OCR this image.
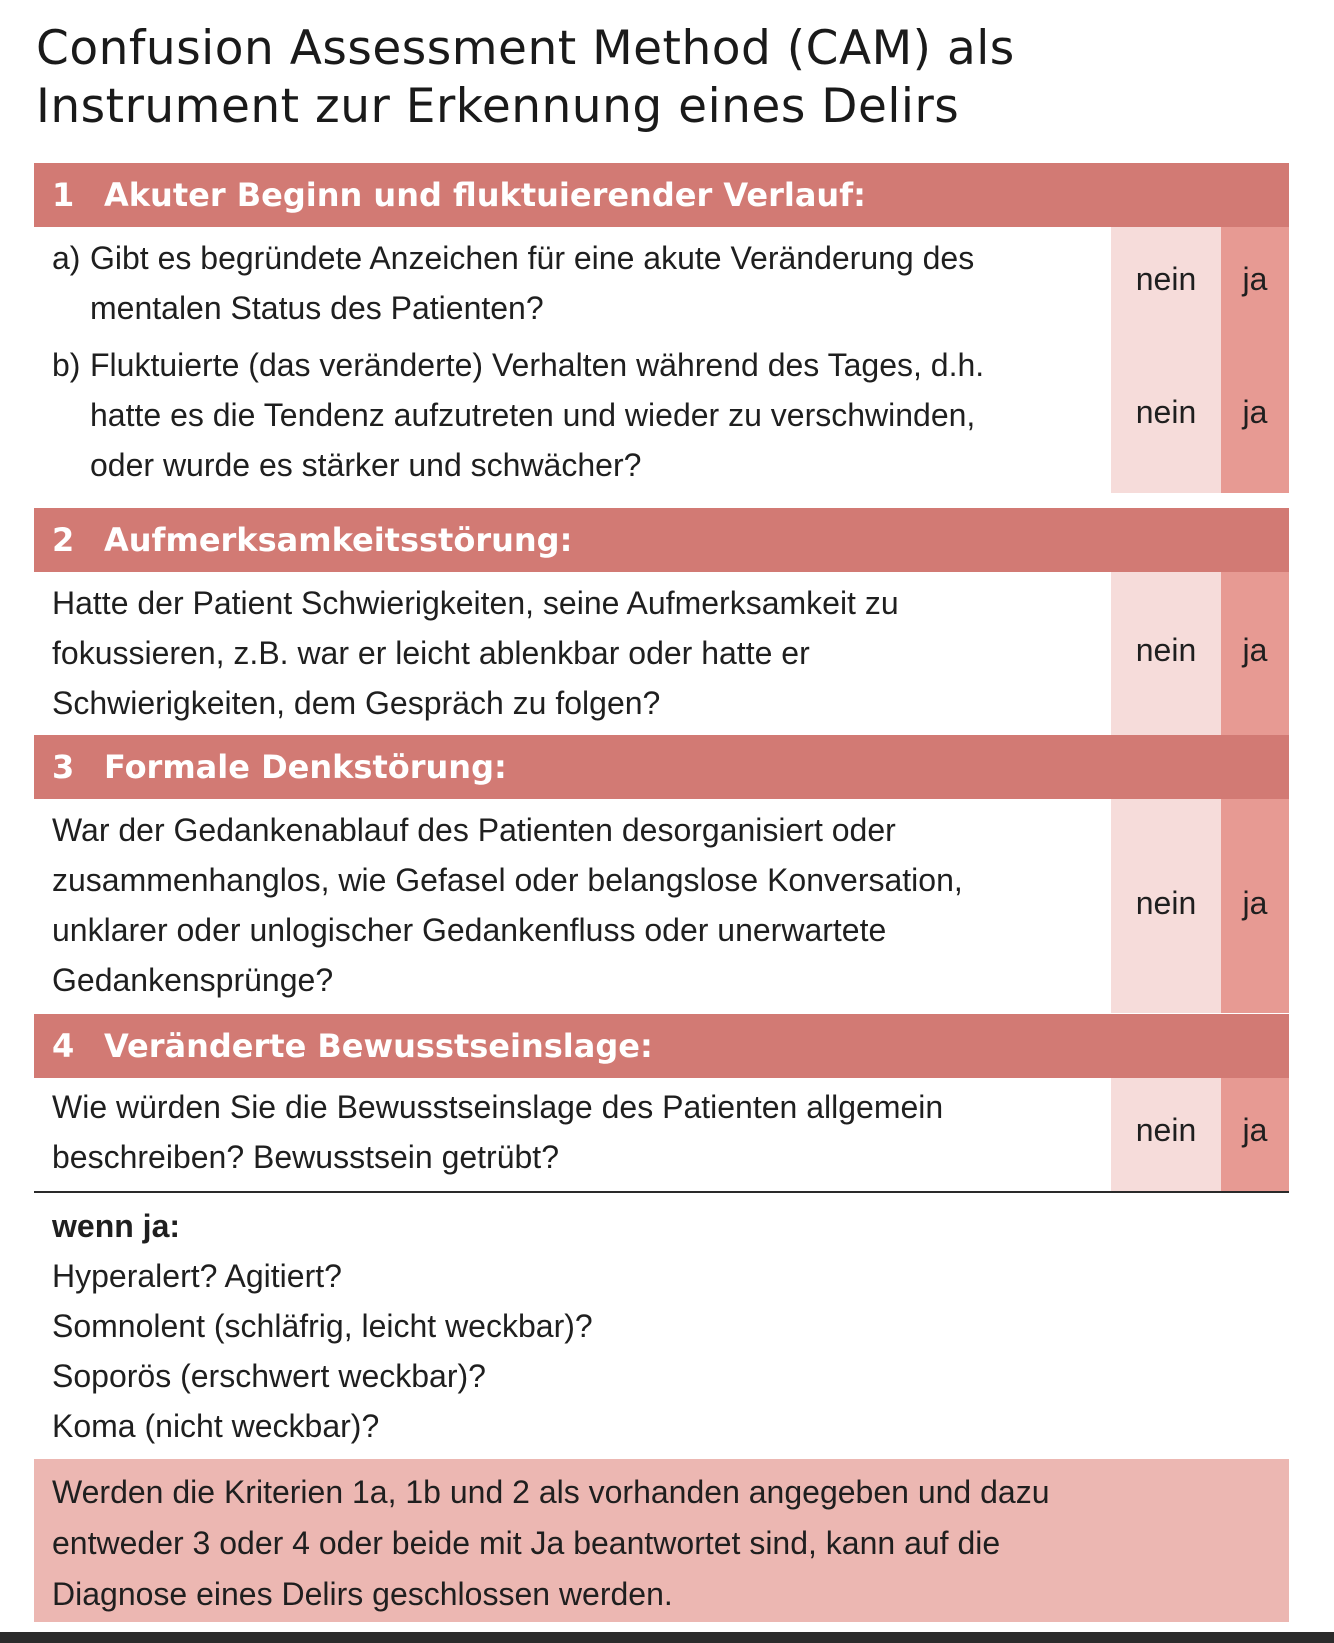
Confusion Assessment Method (CAM) als
Instrument zur Erkennung eines Delirs
1 Akuter Beginn und fluktuierender Verlauf:
a) Gibt es begründete Anzeichen für eine akute Veränderung des
mentalen Status des Patienten?
nein	ja
b) Fluktuierte (das veränderte) Verhalten während des Tages, d.h.
hatte es die Tendenz aufzutreten und wieder zu verschwinden,
oder wurde es stärker und schwächer?
nein	ja
2 Aufmerksamkeitsstörung:
Hatte der Patient Schwierigkeiten, seine Aufmerksamkeit zu
fokussieren, z.B. war er leicht ablenkbar oder hatte er
Schwierigkeiten, dem Gespräch zu folgen?
nein	ja
3 Formale Denkstörung:
War der Gedankenablauf des Patienten desorganisiert oder
zusammenhanglos, wie Gefasel oder belangslose Konversation,
unklarer oder unlogischer Gedankenfluss oder unerwartete
Gedankensprünge?
nein	ja
4 Veränderte Bewusstseinslage:
Wie würden Sie die Bewusstseinslage des Patienten allgemein
beschreiben? Bewusstsein getrübt?
nein	ja
wenn ja:
Hyperalert? Agitiert?
Somnolent (schläfrig, leicht weckbar)?
Soporös (erschwert weckbar)?
Koma (nicht weckbar)?
Werden die Kriterien 1a, 1b und 2 als vorhanden angegeben und dazu
entweder 3 oder 4 oder beide mit Ja beantwortet sind, kann auf die
Diagnose eines Delirs geschlossen werden.
